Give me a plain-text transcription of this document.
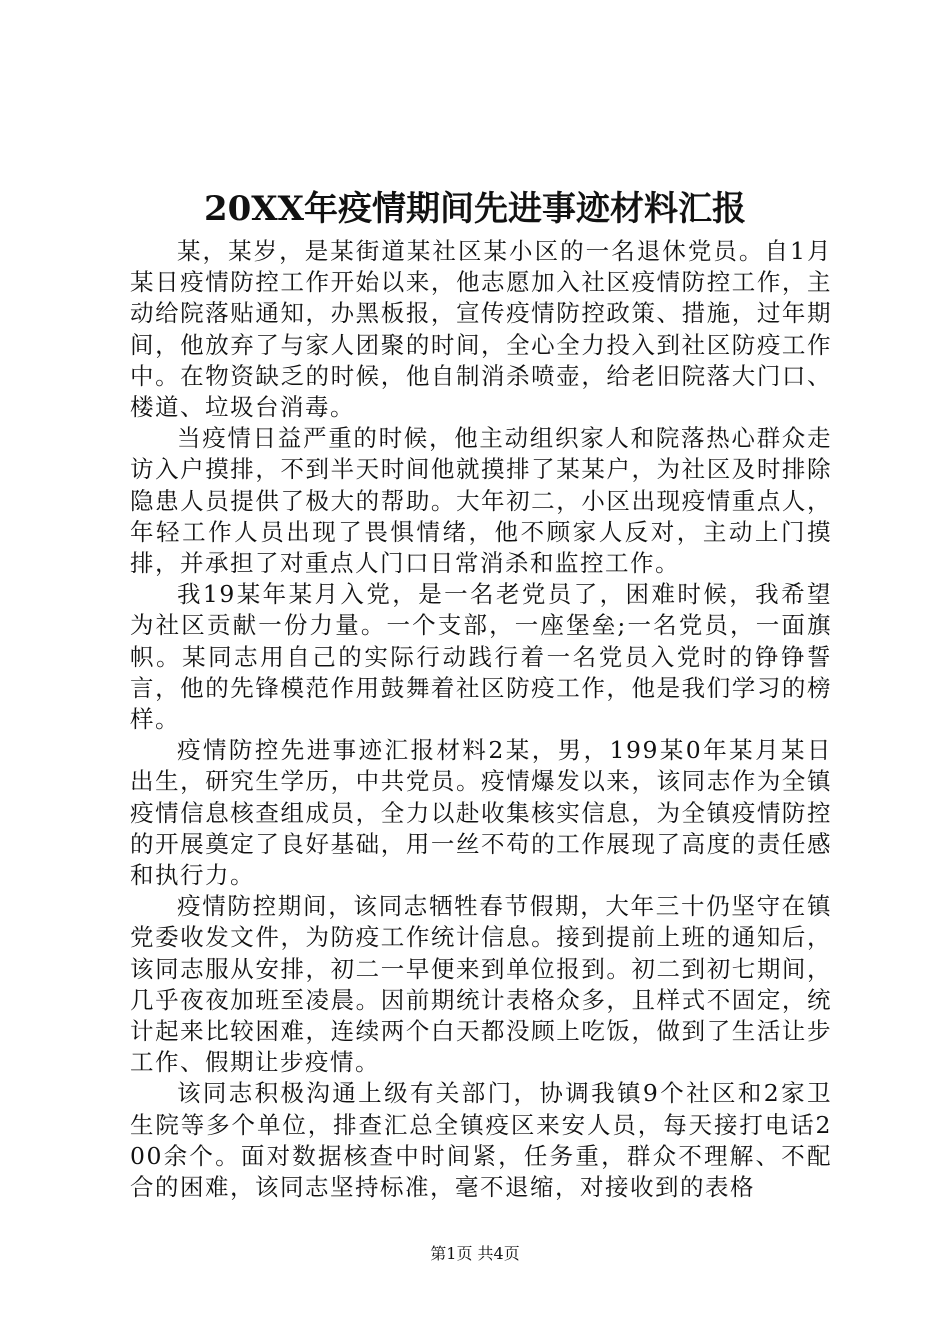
20XX年疫情期间先进事迹材料汇报

某，某岁，是某街道某社区某小区的一名退休党员。自1月某日疫情防控工作开始以来，他志愿加入社区疫情防控工作，主动给院落贴通知，办黑板报，宣传疫情防控政策、措施，过年期间，他放弃了与家人团聚的时间，全心全力投入到社区防疫工作中。在物资缺乏的时候，他自制消杀喷壶，给老旧院落大门口、楼道、垃圾台消毒。

当疫情日益严重的时候，他主动组织家人和院落热心群众走访入户摸排，不到半天时间他就摸排了某某户，为社区及时排除隐患人员提供了极大的帮助。大年初二，小区出现疫情重点人，年轻工作人员出现了畏惧情绪，他不顾家人反对，主动上门摸排，并承担了对重点人门口日常消杀和监控工作。

我19某年某月入党，是一名老党员了，困难时候，我希望为社区贡献一份力量。一个支部，一座堡垒;一名党员，一面旗帜。某同志用自己的实际行动践行着一名党员入党时的铮铮誓言，他的先锋模范作用鼓舞着社区防疫工作，他是我们学习的榜样。

疫情防控先进事迹汇报材料2某，男，199某0年某月某日出生，研究生学历，中共党员。疫情爆发以来，该同志作为全镇疫情信息核查组成员，全力以赴收集核实信息，为全镇疫情防控的开展奠定了良好基础，用一丝不苟的工作展现了高度的责任感和执行力。

疫情防控期间，该同志牺牲春节假期，大年三十仍坚守在镇党委收发文件，为防疫工作统计信息。接到提前上班的通知后，该同志服从安排，初二一早便来到单位报到。初二到初七期间，几乎夜夜加班至凌晨。因前期统计表格众多，且样式不固定，统计起来比较困难，连续两个白天都没顾上吃饭，做到了生活让步工作、假期让步疫情。

该同志积极沟通上级有关部门，协调我镇9个社区和2家卫生院等多个单位，排查汇总全镇疫区来安人员，每天接打电话200余个。面对数据核查中时间紧，任务重，群众不理解、不配合的困难，该同志坚持标准，毫不退缩，对接收到的表格

第1页 共4页
